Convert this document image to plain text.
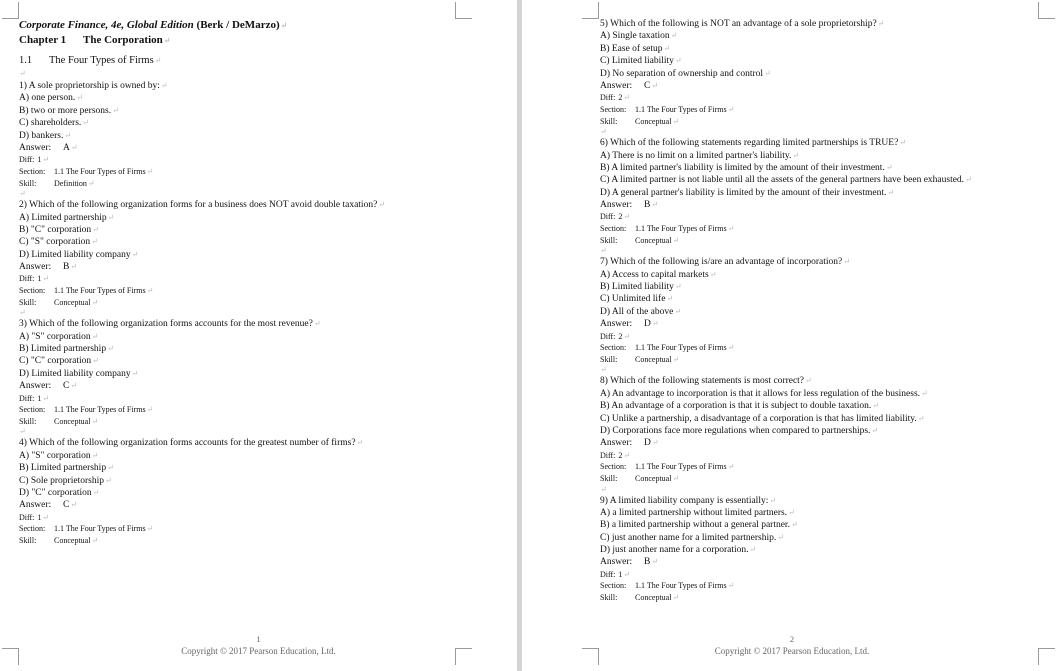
Corporate Finance, 4e, Global Edition (Berk / DeMarzo)↵
Chapter 1 The Corporation↵
1.1 The Four Types of Firms↵
↵
1) A sole proprietorship is owned by:↵
A) one person.↵
B) two or more persons.↵
C) shareholders.↵
D) bankers.↵
Answer: A↵
Diff: 1↵
Section: 1.1 The Four Types of Firms↵
Skill: Definition↵
↵
2) Which of the following organization forms for a business does NOT avoid double taxation?↵
A) Limited partnership↵
B) "C" corporation↵
C) "S" corporation↵
D) Limited liability company↵
Answer: B↵
Diff: 1↵
Section: 1.1 The Four Types of Firms↵
Skill: Conceptual↵
↵
3) Which of the following organization forms accounts for the most revenue?↵
A) "S" corporation↵
B) Limited partnership↵
C) "C" corporation↵
D) Limited liability company↵
Answer: C↵
Diff: 1↵
Section: 1.1 The Four Types of Firms↵
Skill: Conceptual↵
↵
4) Which of the following organization forms accounts for the greatest number of firms?↵
A) "S" corporation↵
B) Limited partnership↵
C) Sole proprietorship↵
D) "C" corporation↵
Answer: C↵
Diff: 1↵
Section: 1.1 The Four Types of Firms↵
Skill: Conceptual↵
1
Copyright © 2017 Pearson Education, Ltd.
5) Which of the following is NOT an advantage of a sole proprietorship?↵
A) Single taxation↵
B) Ease of setup↵
C) Limited liability↵
D) No separation of ownership and control↵
Answer: C↵
Diff: 2↵
Section: 1.1 The Four Types of Firms↵
Skill: Conceptual↵
↵
6) Which of the following statements regarding limited partnerships is TRUE?↵
A) There is no limit on a limited partner's liability.↵
B) A limited partner's liability is limited by the amount of their investment.↵
C) A limited partner is not liable until all the assets of the general partners have been exhausted.↵
D) A general partner's liability is limited by the amount of their investment.↵
Answer: B↵
Diff: 2↵
Section: 1.1 The Four Types of Firms↵
Skill: Conceptual↵
↵
7) Which of the following is/are an advantage of incorporation?↵
A) Access to capital markets↵
B) Limited liability↵
C) Unlimited life↵
D) All of the above↵
Answer: D↵
Diff: 2↵
Section: 1.1 The Four Types of Firms↵
Skill: Conceptual↵
↵
8) Which of the following statements is most correct?↵
A) An advantage to incorporation is that it allows for less regulation of the business.↵
B) An advantage of a corporation is that it is subject to double taxation.↵
C) Unlike a partnership, a disadvantage of a corporation is that has limited liability.↵
D) Corporations face more regulations when compared to partnerships.↵
Answer: D↵
Diff: 2↵
Section: 1.1 The Four Types of Firms↵
Skill: Conceptual↵
↵
9) A limited liability company is essentially:↵
A) a limited partnership without limited partners.↵
B) a limited partnership without a general partner.↵
C) just another name for a limited partnership.↵
D) just another name for a corporation.↵
Answer: B↵
Diff: 1↵
Section: 1.1 The Four Types of Firms↵
Skill: Conceptual↵
2
Copyright © 2017 Pearson Education, Ltd.
